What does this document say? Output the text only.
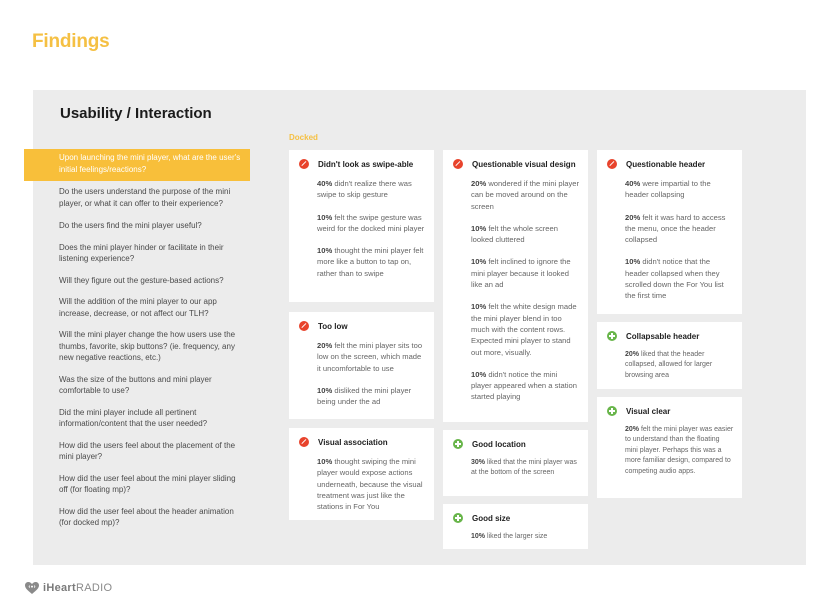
Findings
Usability / Interaction
Docked
Upon launching the mini player, what are the user's initial feelings/reactions?
Do the users understand the purpose of the mini player, or what it can offer to their experience?
Do the users find the mini player useful?
Does the mini player hinder or facilitate in their listening experience?
Will they figure out the gesture-based actions?
Will the addition of the mini player to our app increase, decrease, or not affect our TLH?
Will the mini player change the how users use the thumbs, favorite, skip buttons? (ie. frequency, any new negative reactions, etc.)
Was the size of the buttons and mini player comfortable to use?
Did the mini player include all pertinent information/content that the user needed?
How did the users feel about the placement of the mini player?
How did the user feel about the mini player sliding off (for floating mp)?
How did the user feel about the header animation (for docked mp)?
Didn't look as swipe-able

40% didn't realize there was swipe to skip gesture

10% felt the swipe gesture was weird for the docked mini player

10% thought the mini player felt more like a button to tap on, rather than to swipe

Too low

20% felt the mini player sits too low on the screen, which made it uncomfortable to use

10% disliked the mini player being under the ad

Visual association

10% thought swiping the mini player would expose actions underneath, because the visual treatment was just like the stations in For You

Questionable visual design

20% wondered if the mini player can be moved around on the screen

10% felt the whole screen looked cluttered

10% felt inclined to ignore the mini player because it looked like an ad

10% felt the white design made the mini player blend in too much with the content rows. Expected mini player to stand out more, visually.

10% didn't notice the mini player appeared when a station started playing

Good location

30% liked that the mini player was at the bottom of the screen

Good size

10% liked the larger size

Questionable header

40% were impartial to the header collapsing

20% felt it was hard to access the menu, once the header collapsed

10% didn't notice that the header collapsed when they scrolled down the For You list the first time

Collapsable header

20% liked that the header collapsed, allowed for larger browsing area

Visual clear

20% felt the mini player was easier to understand than the floating mini player. Perhaps this was a more familiar design, compared to competing audio apps.

iHeartRADIO
